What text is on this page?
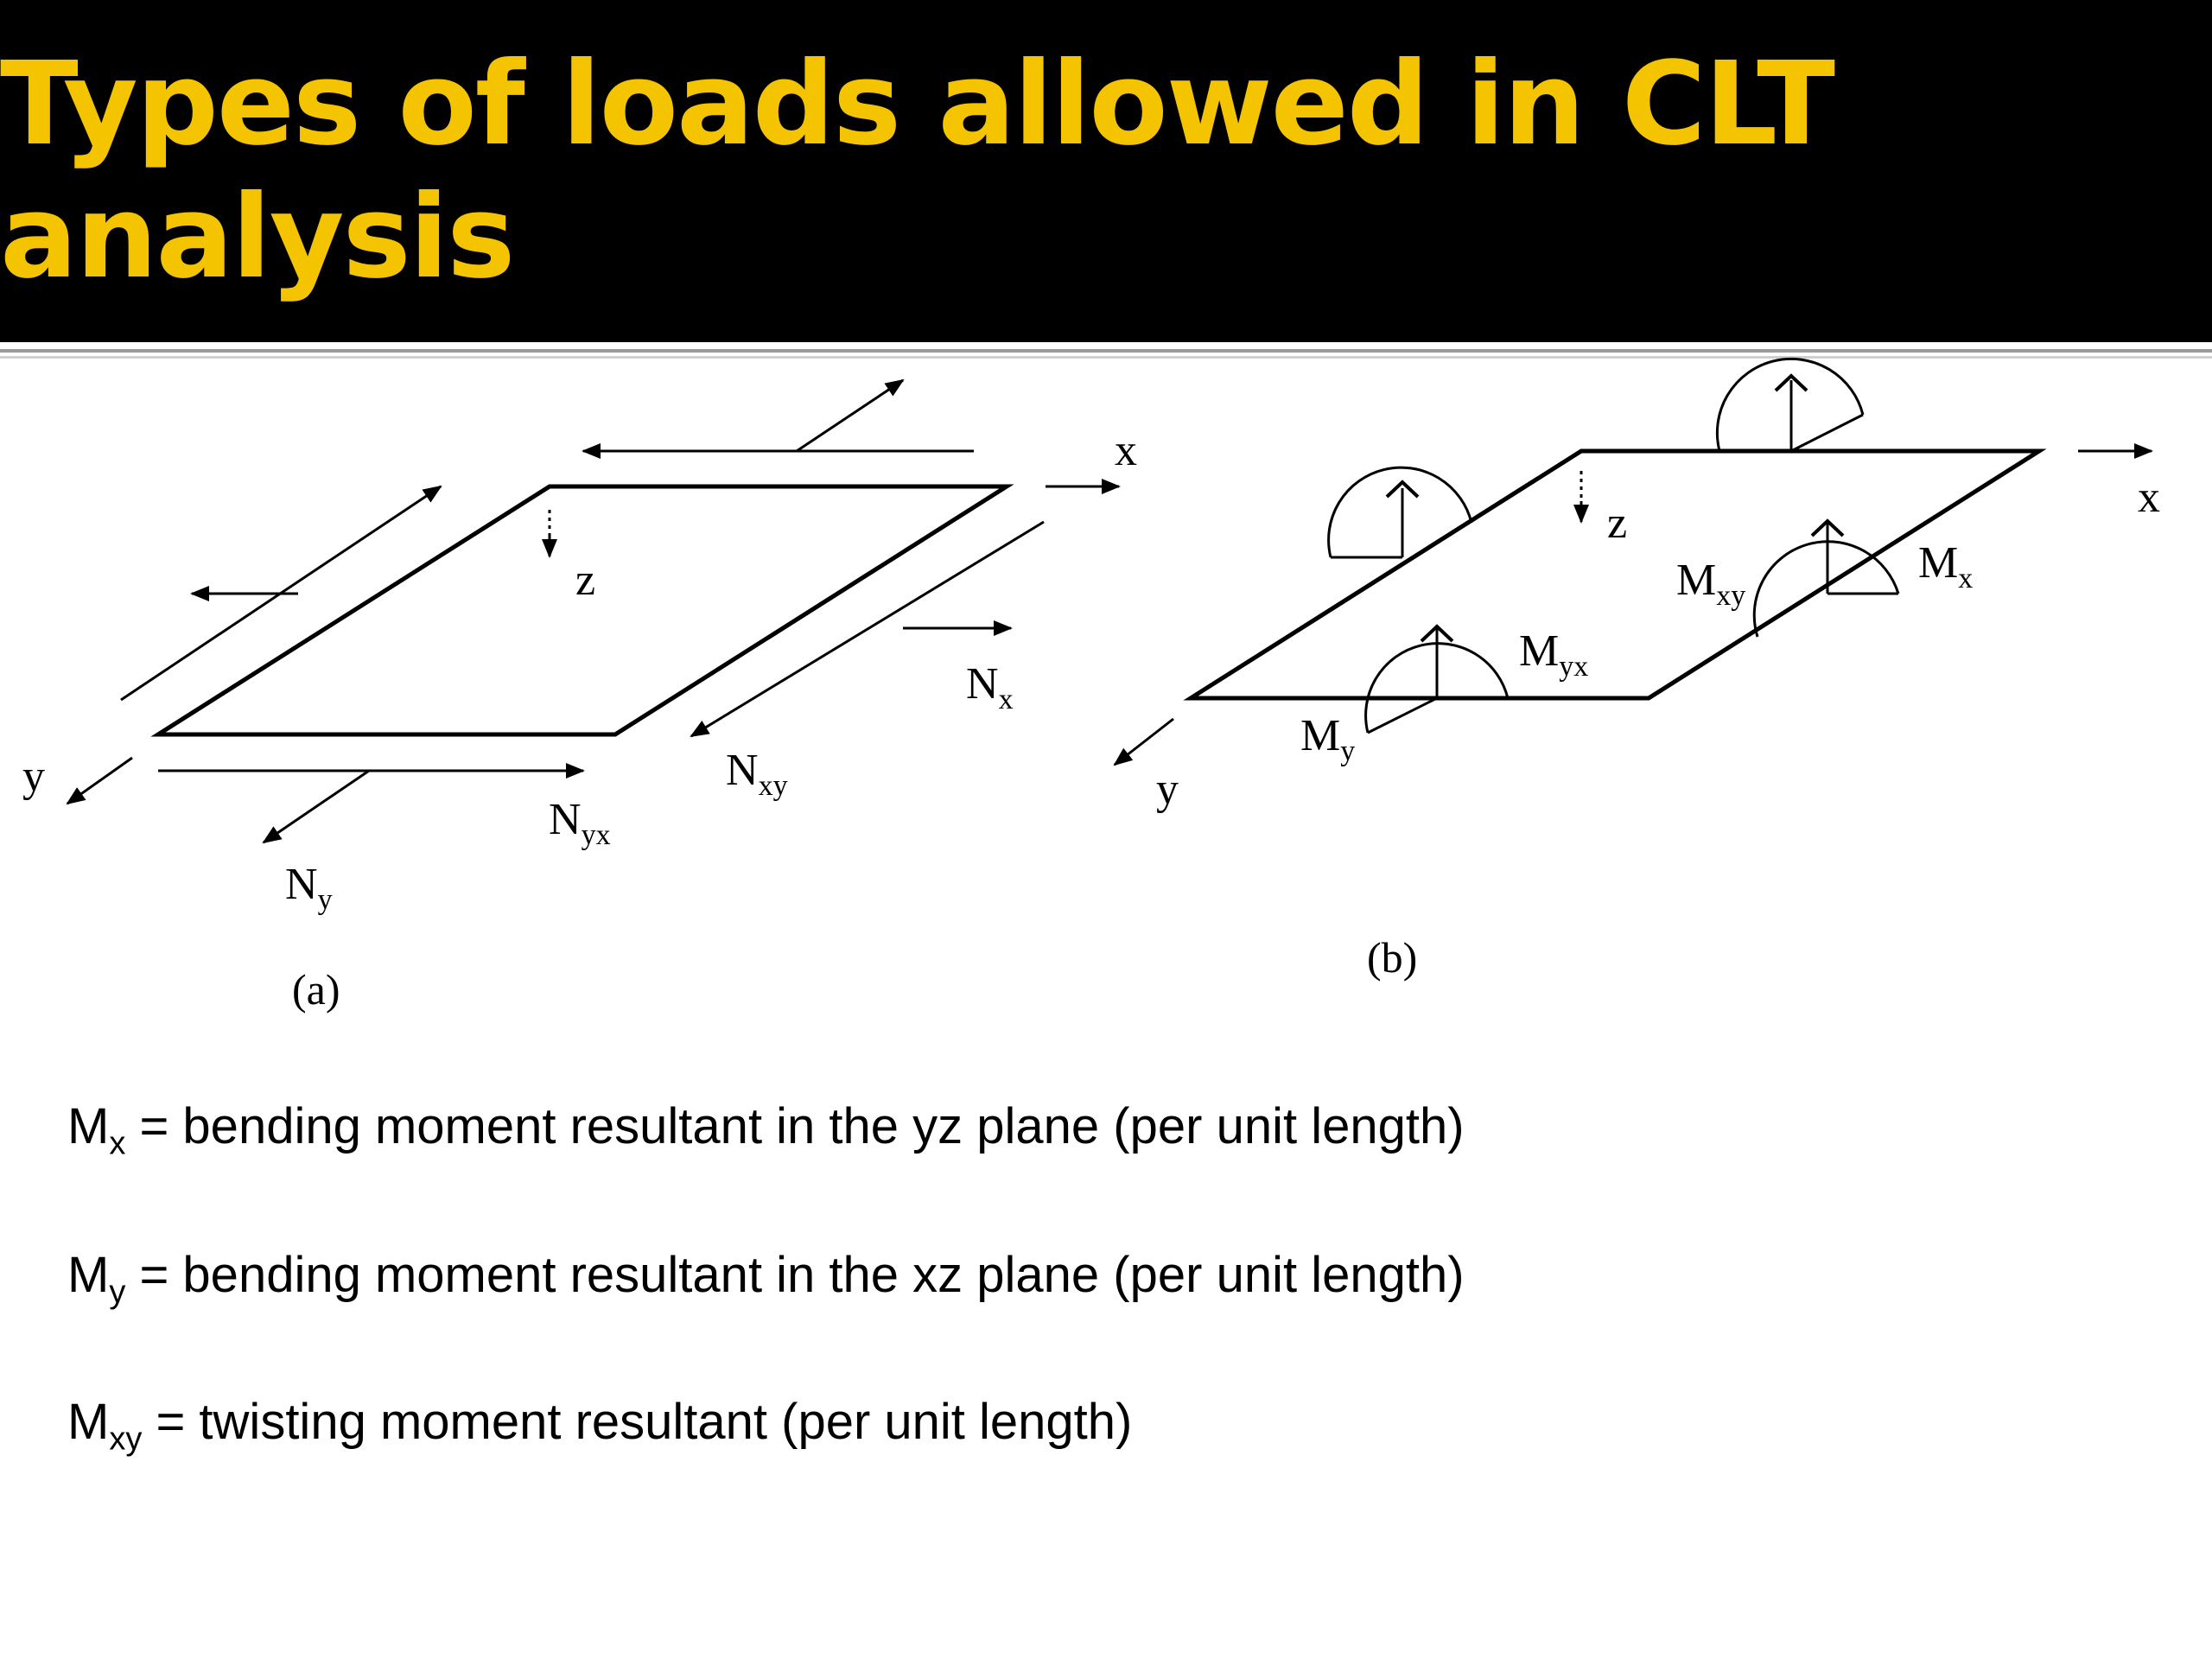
Types of loads allowed in CLT analysis
x
y
z
$N_x$
$N_y$
$N_{xy}$
$N_{yx}$
(a)
x
y
z
$M_x$
$M_{xy}$
$M_{yx}$
$M_y$
(b)
$M_x$ = bending moment resultant in the yz plane (per unit length)
$M_y$ = bending moment resultant in the xz plane (per unit length)
$M_{xy}$ = twisting moment resultant (per unit length)
